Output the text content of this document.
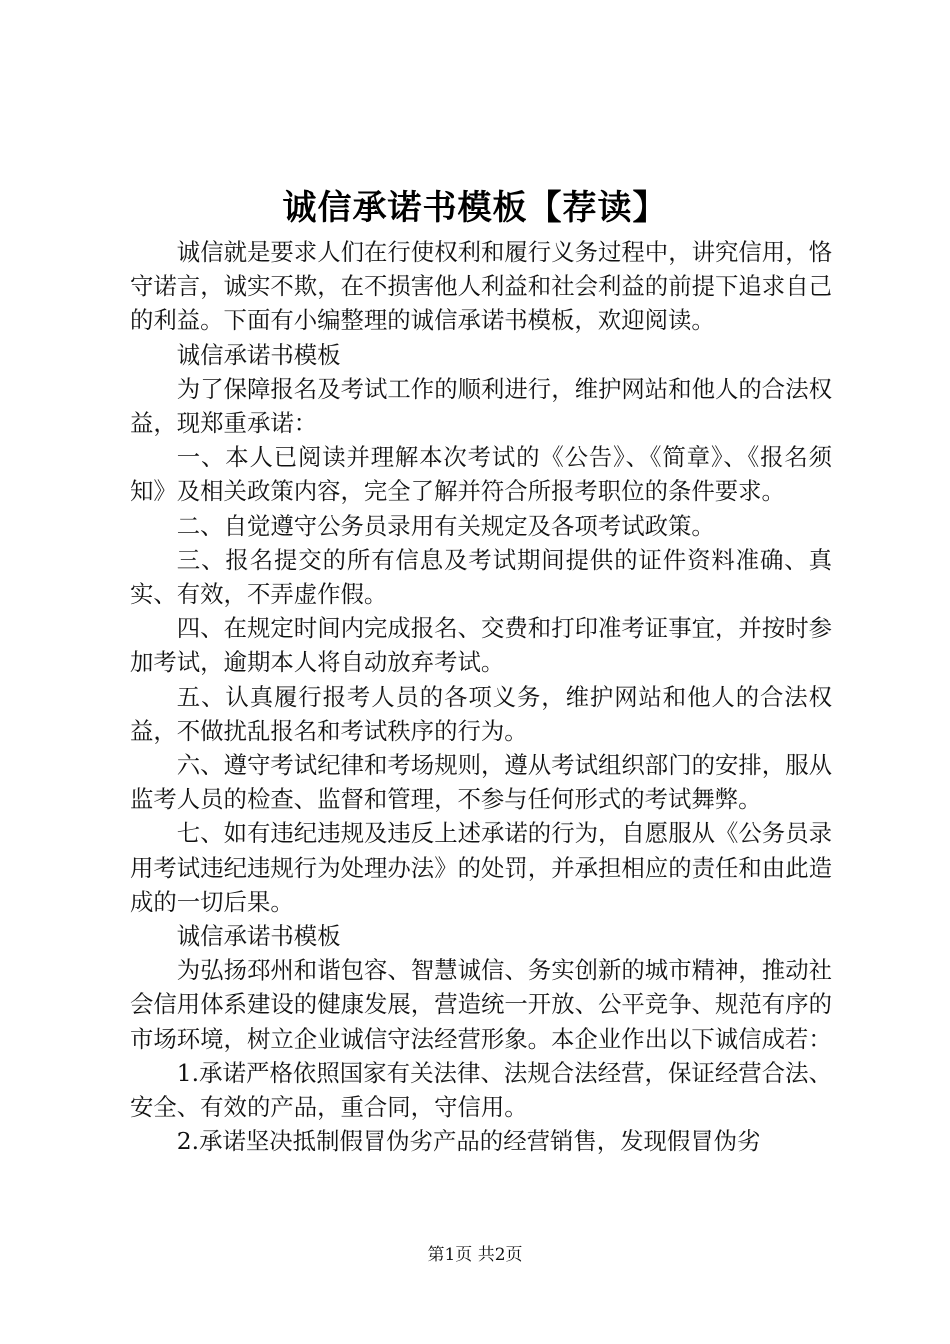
诚信承诺书模板【荐读】

诚信就是要求人们在行使权利和履行义务过程中，讲究信用，恪守诺言，诚实不欺，在不损害他人利益和社会利益的前提下追求自己的利益。下面有小编整理的诚信承诺书模板，欢迎阅读。

诚信承诺书模板

为了保障报名及考试工作的顺利进行，维护网站和他人的合法权益，现郑重承诺：

一、本人已阅读并理解本次考试的《公告》、《简章》、《报名须知》及相关政策内容，完全了解并符合所报考职位的条件要求。

二、自觉遵守公务员录用有关规定及各项考试政策。

三、报名提交的所有信息及考试期间提供的证件资料准确、真实、有效，不弄虚作假。

四、在规定时间内完成报名、交费和打印准考证事宜，并按时参加考试，逾期本人将自动放弃考试。

五、认真履行报考人员的各项义务，维护网站和他人的合法权益，不做扰乱报名和考试秩序的行为。

六、遵守考试纪律和考场规则，遵从考试组织部门的安排，服从监考人员的检查、监督和管理，不参与任何形式的考试舞弊。

七、如有违纪违规及违反上述承诺的行为，自愿服从《公务员录用考试违纪违规行为处理办法》的处罚，并承担相应的责任和由此造成的一切后果。

诚信承诺书模板

为弘扬邳州和谐包容、智慧诚信、务实创新的城市精神，推动社会信用体系建设的健康发展，营造统一开放、公平竞争、规范有序的市场环境，树立企业诚信守法经营形象。本企业作出以下诚信成若：

1.承诺严格依照国家有关法律、法规合法经营，保证经营合法、安全、有效的产品，重合同，守信用。

2.承诺坚决抵制假冒伪劣产品的经营销售，发现假冒伪劣

第1页 共2页
